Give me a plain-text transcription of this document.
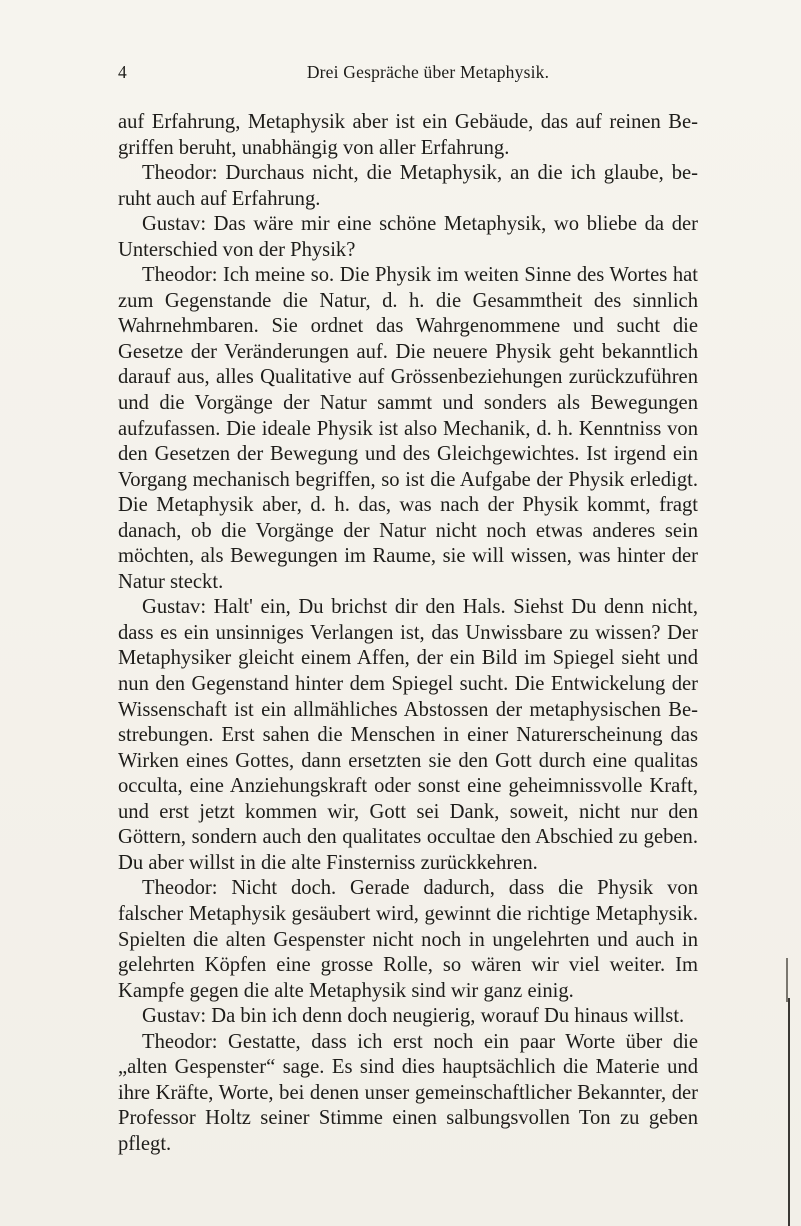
4	Drei Gespräche über Metaphysik.

auf Erfahrung, Metaphysik aber ist ein Gebäude, das auf reinen Be-griffen beruht, unabhängig von aller Erfahrung.

Theodor: Durchaus nicht, die Metaphysik, an die ich glaube, be-ruht auch auf Erfahrung.

Gustav: Das wäre mir eine schöne Metaphysik, wo bliebe da der Unterschied von der Physik?

Theodor: Ich meine so. Die Physik im weiten Sinne des Wortes hat zum Gegenstande die Natur, d. h. die Gesammtheit des sinnlich Wahrnehmbaren. Sie ordnet das Wahrgenommene und sucht die Gesetze der Veränderungen auf. Die neuere Physik geht bekanntlich darauf aus, alles Qualitative auf Grössenbeziehungen zurückzuführen und die Vorgänge der Natur sammt und sonders als Bewegungen aufzufassen. Die ideale Physik ist also Mechanik, d. h. Kenntniss von den Gesetzen der Bewegung und des Gleichgewichtes. Ist irgend ein Vorgang mechanisch begriffen, so ist die Aufgabe der Physik erledigt. Die Metaphysik aber, d. h. das, was nach der Physik kommt, fragt danach, ob die Vorgänge der Natur nicht noch etwas anderes sein möchten, als Bewegungen im Raume, sie will wissen, was hinter der Natur steckt.

Gustav: Halt' ein, Du brichst dir den Hals. Siehst Du denn nicht, dass es ein unsinniges Verlangen ist, das Unwissbare zu wissen? Der Metaphysiker gleicht einem Affen, der ein Bild im Spiegel sieht und nun den Gegenstand hinter dem Spiegel sucht. Die Entwickelung der Wissenschaft ist ein allmähliches Abstossen der metaphysischen Be-strebungen. Erst sahen die Menschen in einer Naturerscheinung das Wirken eines Gottes, dann ersetzten sie den Gott durch eine qualitas occulta, eine Anziehungskraft oder sonst eine geheimnissvolle Kraft, und erst jetzt kommen wir, Gott sei Dank, soweit, nicht nur den Göttern, sondern auch den qualitates occultae den Abschied zu geben. Du aber willst in die alte Finsterniss zurückkehren.

Theodor: Nicht doch. Gerade dadurch, dass die Physik von falscher Metaphysik gesäubert wird, gewinnt die richtige Metaphysik. Spielten die alten Gespenster nicht noch in ungelehrten und auch in gelehrten Köpfen eine grosse Rolle, so wären wir viel weiter. Im Kampfe gegen die alte Metaphysik sind wir ganz einig.

Gustav: Da bin ich denn doch neugierig, worauf Du hinaus willst.

Theodor: Gestatte, dass ich erst noch ein paar Worte über die „alten Gespenster“ sage. Es sind dies hauptsächlich die Materie und ihre Kräfte, Worte, bei denen unser gemeinschaftlicher Bekannter, der Professor Holtz seiner Stimme einen salbungsvollen Ton zu geben pflegt.
